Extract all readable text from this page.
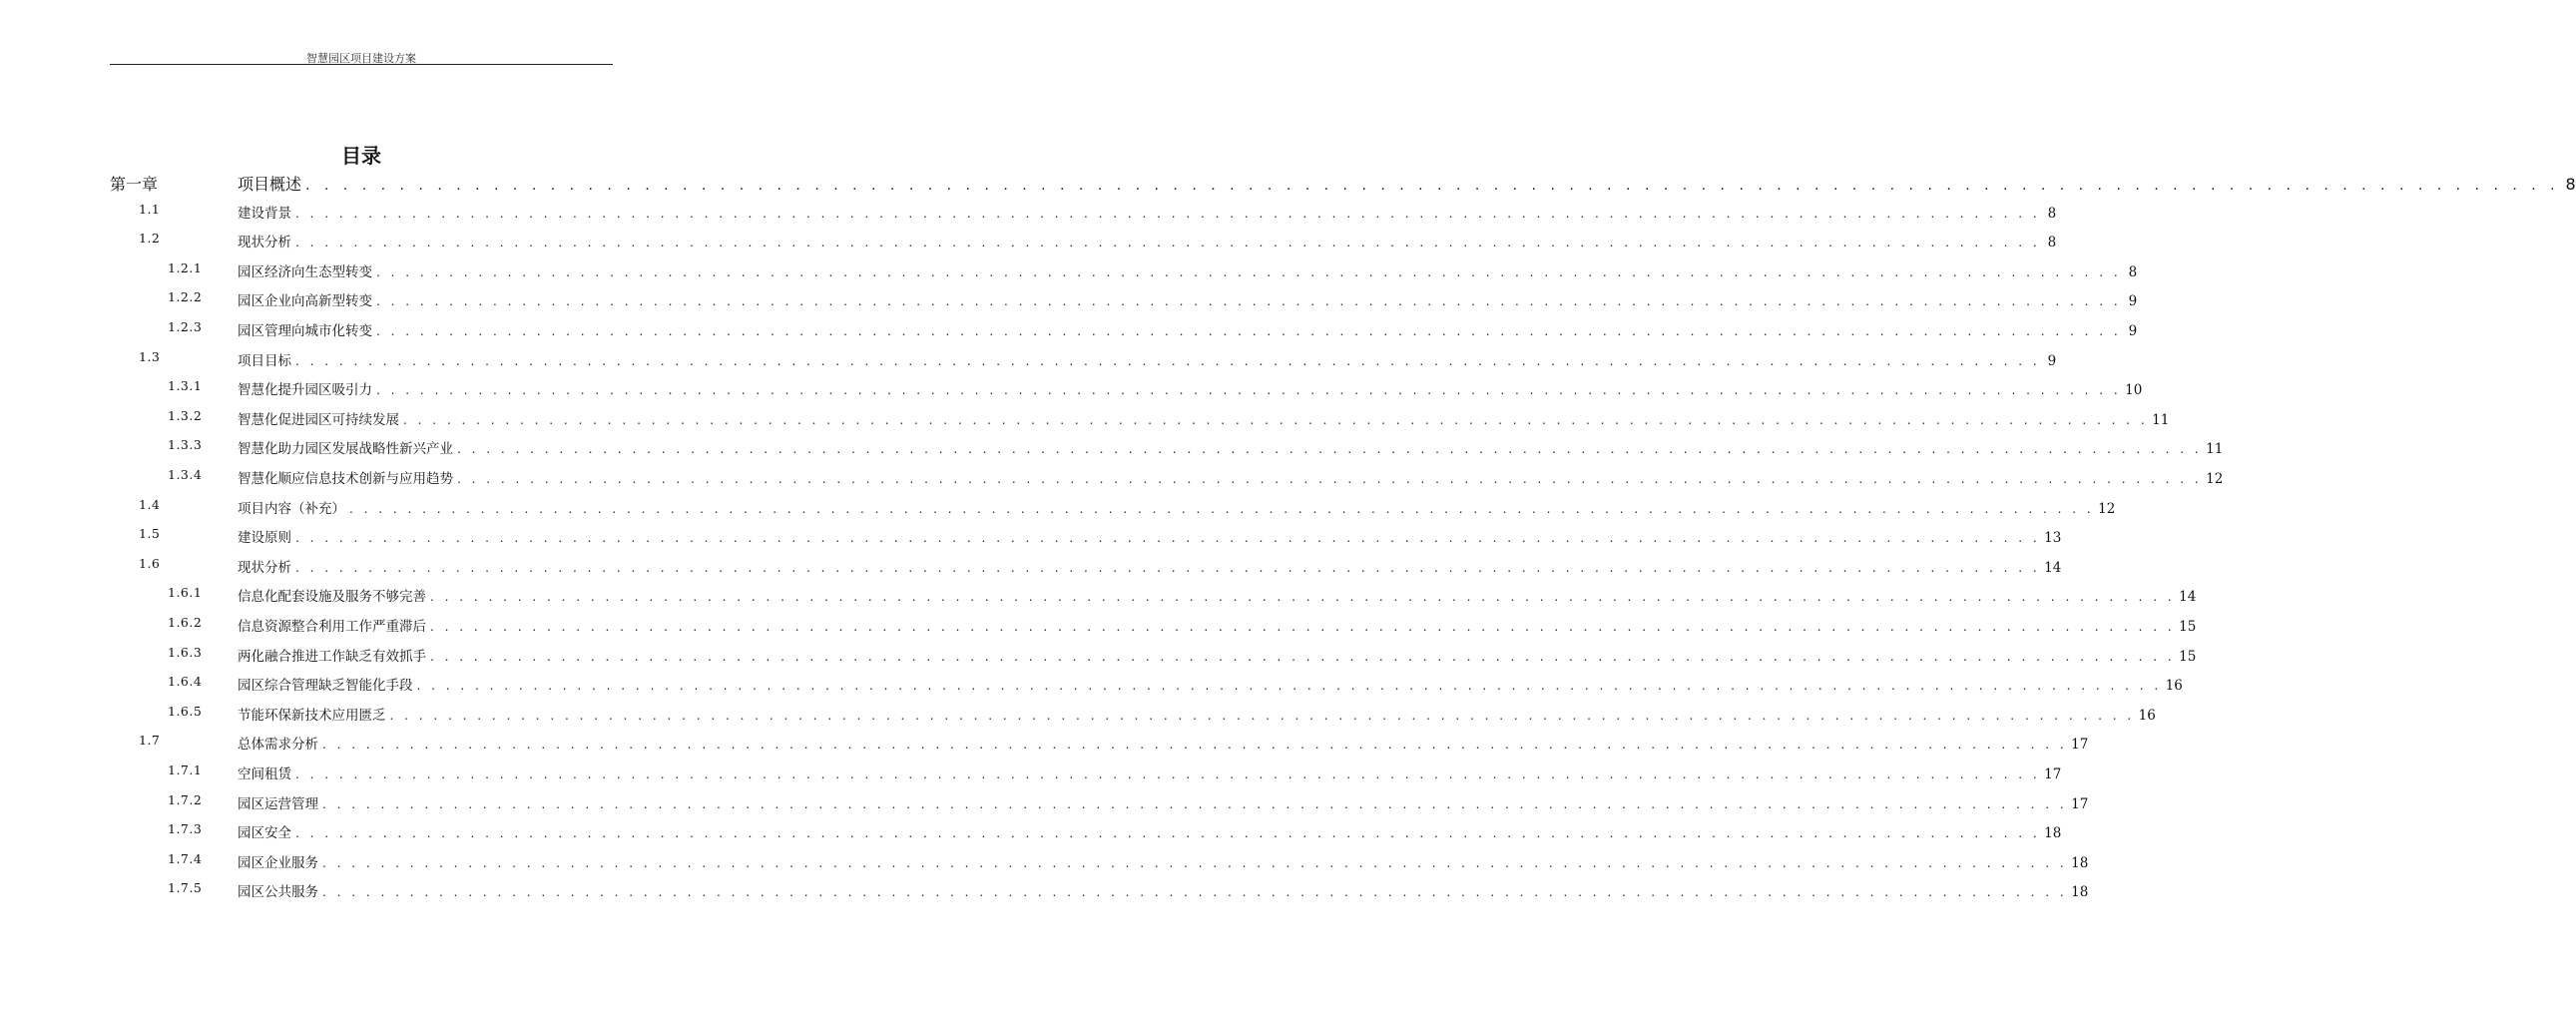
智慧园区项目建设方案
目录
第一章	项目概述 . . . . . . . . . . . . . . . . . . . . . . . . . . . . . . . . . . . . . . . . . . . . . . . . . . . . . . . . . . . . . . . . . . . . . . . . . . . . . . . . . . . . . . . . . . . . . . . . . . . . . . . . . . . . . . . . . . . . . . . . 8
1.1	建设背景 . . . . . . . . . . . . . . . . . . . . . . . . . . . . . . . . . . . . . . . . . . . . . . . . . . . . . . . . . . . . . . . . . . . . . . . . . . . . . . . . . . . . . . . . . . . . . . . . . . . . . . . . . . . . . . . . . . . . . . . . 8
1.2	现状分析 . . . . . . . . . . . . . . . . . . . . . . . . . . . . . . . . . . . . . . . . . . . . . . . . . . . . . . . . . . . . . . . . . . . . . . . . . . . . . . . . . . . . . . . . . . . . . . . . . . . . . . . . . . . . . . . . . . . . . . . . 8
1.2.1	园区经济向生态型转变 . . . . . . . . . . . . . . . . . . . . . . . . . . . . . . . . . . . . . . . . . . . . . . . . . . . . . . . . . . . . . . . . . . . . . . . . . . . . . . . . . . . . . . . . . . . . . . . . . . . . . . . . . . . . . . . . . . . . . . . . 8
1.2.2	园区企业向高新型转变 . . . . . . . . . . . . . . . . . . . . . . . . . . . . . . . . . . . . . . . . . . . . . . . . . . . . . . . . . . . . . . . . . . . . . . . . . . . . . . . . . . . . . . . . . . . . . . . . . . . . . . . . . . . . . . . . . . . . . . . . 9
1.2.3	园区管理向城市化转变 . . . . . . . . . . . . . . . . . . . . . . . . . . . . . . . . . . . . . . . . . . . . . . . . . . . . . . . . . . . . . . . . . . . . . . . . . . . . . . . . . . . . . . . . . . . . . . . . . . . . . . . . . . . . . . . . . . . . . . . . 9
1.3	项目目标 . . . . . . . . . . . . . . . . . . . . . . . . . . . . . . . . . . . . . . . . . . . . . . . . . . . . . . . . . . . . . . . . . . . . . . . . . . . . . . . . . . . . . . . . . . . . . . . . . . . . . . . . . . . . . . . . . . . . . . . . 9
1.3.1	智慧化提升园区吸引力 . . . . . . . . . . . . . . . . . . . . . . . . . . . . . . . . . . . . . . . . . . . . . . . . . . . . . . . . . . . . . . . . . . . . . . . . . . . . . . . . . . . . . . . . . . . . . . . . . . . . . . . . . . . . . . . . . . . . . . . . 10
1.3.2	智慧化促进园区可持续发展 . . . . . . . . . . . . . . . . . . . . . . . . . . . . . . . . . . . . . . . . . . . . . . . . . . . . . . . . . . . . . . . . . . . . . . . . . . . . . . . . . . . . . . . . . . . . . . . . . . . . . . . . . . . . . . . . . . . . . . . . 11
1.3.3	智慧化助力园区发展战略性新兴产业 . . . . . . . . . . . . . . . . . . . . . . . . . . . . . . . . . . . . . . . . . . . . . . . . . . . . . . . . . . . . . . . . . . . . . . . . . . . . . . . . . . . . . . . . . . . . . . . . . . . . . . . . . . . . . . . . . . . . . . . . 11
1.3.4	智慧化顺应信息技术创新与应用趋势 . . . . . . . . . . . . . . . . . . . . . . . . . . . . . . . . . . . . . . . . . . . . . . . . . . . . . . . . . . . . . . . . . . . . . . . . . . . . . . . . . . . . . . . . . . . . . . . . . . . . . . . . . . . . . . . . . . . . . . . . 12
1.4	项目内容（补充） . . . . . . . . . . . . . . . . . . . . . . . . . . . . . . . . . . . . . . . . . . . . . . . . . . . . . . . . . . . . . . . . . . . . . . . . . . . . . . . . . . . . . . . . . . . . . . . . . . . . . . . . . . . . . . . . . . . . . . . . 12
1.5	建设原则 . . . . . . . . . . . . . . . . . . . . . . . . . . . . . . . . . . . . . . . . . . . . . . . . . . . . . . . . . . . . . . . . . . . . . . . . . . . . . . . . . . . . . . . . . . . . . . . . . . . . . . . . . . . . . . . . . . . . . . . . 13
1.6	现状分析 . . . . . . . . . . . . . . . . . . . . . . . . . . . . . . . . . . . . . . . . . . . . . . . . . . . . . . . . . . . . . . . . . . . . . . . . . . . . . . . . . . . . . . . . . . . . . . . . . . . . . . . . . . . . . . . . . . . . . . . . 14
1.6.1	信息化配套设施及服务不够完善 . . . . . . . . . . . . . . . . . . . . . . . . . . . . . . . . . . . . . . . . . . . . . . . . . . . . . . . . . . . . . . . . . . . . . . . . . . . . . . . . . . . . . . . . . . . . . . . . . . . . . . . . . . . . . . . . . . . . . . . . 14
1.6.2	信息资源整合利用工作严重滞后 . . . . . . . . . . . . . . . . . . . . . . . . . . . . . . . . . . . . . . . . . . . . . . . . . . . . . . . . . . . . . . . . . . . . . . . . . . . . . . . . . . . . . . . . . . . . . . . . . . . . . . . . . . . . . . . . . . . . . . . . 15
1.6.3	两化融合推进工作缺乏有效抓手 . . . . . . . . . . . . . . . . . . . . . . . . . . . . . . . . . . . . . . . . . . . . . . . . . . . . . . . . . . . . . . . . . . . . . . . . . . . . . . . . . . . . . . . . . . . . . . . . . . . . . . . . . . . . . . . . . . . . . . . . 15
1.6.4	园区综合管理缺乏智能化手段 . . . . . . . . . . . . . . . . . . . . . . . . . . . . . . . . . . . . . . . . . . . . . . . . . . . . . . . . . . . . . . . . . . . . . . . . . . . . . . . . . . . . . . . . . . . . . . . . . . . . . . . . . . . . . . . . . . . . . . . . 16
1.6.5	节能环保新技术应用匮乏 . . . . . . . . . . . . . . . . . . . . . . . . . . . . . . . . . . . . . . . . . . . . . . . . . . . . . . . . . . . . . . . . . . . . . . . . . . . . . . . . . . . . . . . . . . . . . . . . . . . . . . . . . . . . . . . . . . . . . . . . 16
1.7	总体需求分析 . . . . . . . . . . . . . . . . . . . . . . . . . . . . . . . . . . . . . . . . . . . . . . . . . . . . . . . . . . . . . . . . . . . . . . . . . . . . . . . . . . . . . . . . . . . . . . . . . . . . . . . . . . . . . . . . . . . . . . . . 17
1.7.1	空间租赁 . . . . . . . . . . . . . . . . . . . . . . . . . . . . . . . . . . . . . . . . . . . . . . . . . . . . . . . . . . . . . . . . . . . . . . . . . . . . . . . . . . . . . . . . . . . . . . . . . . . . . . . . . . . . . . . . . . . . . . . . 17
1.7.2	园区运营管理 . . . . . . . . . . . . . . . . . . . . . . . . . . . . . . . . . . . . . . . . . . . . . . . . . . . . . . . . . . . . . . . . . . . . . . . . . . . . . . . . . . . . . . . . . . . . . . . . . . . . . . . . . . . . . . . . . . . . . . . . 17
1.7.3	园区安全 . . . . . . . . . . . . . . . . . . . . . . . . . . . . . . . . . . . . . . . . . . . . . . . . . . . . . . . . . . . . . . . . . . . . . . . . . . . . . . . . . . . . . . . . . . . . . . . . . . . . . . . . . . . . . . . . . . . . . . . . 18
1.7.4	园区企业服务 . . . . . . . . . . . . . . . . . . . . . . . . . . . . . . . . . . . . . . . . . . . . . . . . . . . . . . . . . . . . . . . . . . . . . . . . . . . . . . . . . . . . . . . . . . . . . . . . . . . . . . . . . . . . . . . . . . . . . . . . 18
1.7.5	园区公共服务 . . . . . . . . . . . . . . . . . . . . . . . . . . . . . . . . . . . . . . . . . . . . . . . . . . . . . . . . . . . . . . . . . . . . . . . . . . . . . . . . . . . . . . . . . . . . . . . . . . . . . . . . . . . . . . . . . . . . . . . . 18
